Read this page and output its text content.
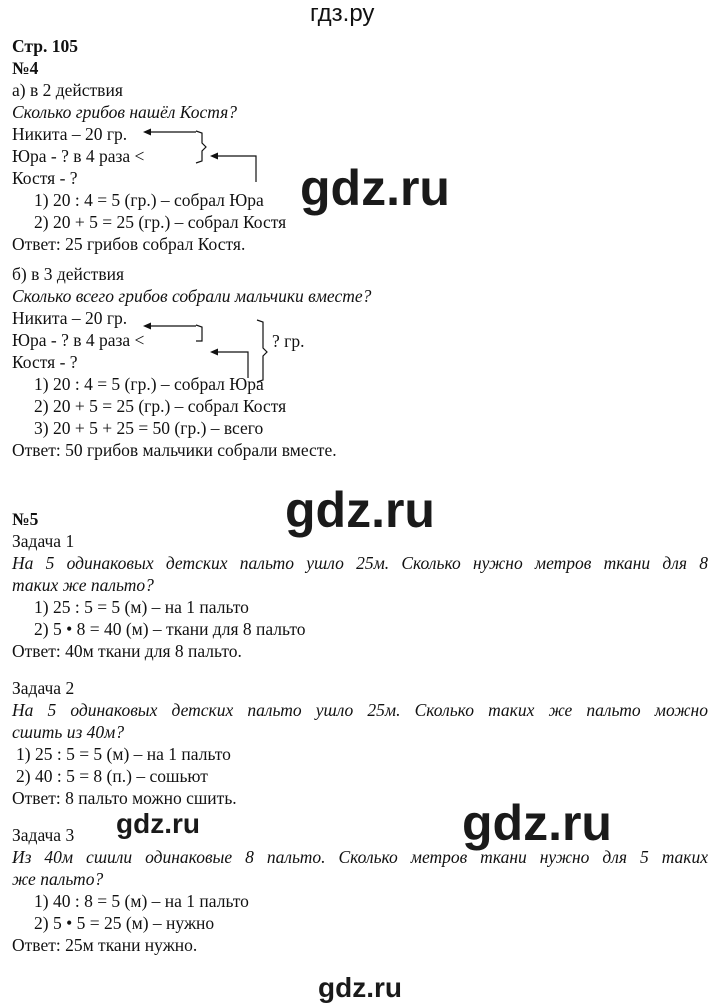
гдз.ру
gdz.ru
gdz.ru
gdz.ru	gdz.ru
gdz.ru
Стр. 105
№4
а) в 2 действия
Сколько грибов нашёл Костя?
Никита – 20 гр.
Юра - ? в 4 раза <
Костя - ?
1) 20 : 4 = 5 (гр.) – собрал Юра
2) 20 + 5 = 25 (гр.) – собрал Костя
Ответ: 25 грибов собрал Костя.
б) в 3 действия
Сколько всего грибов собрали мальчики вместе?
Никита – 20 гр.
Юра - ? в 4 раза <
Костя - ?
? гр.
1) 20 : 4 = 5 (гр.) – собрал Юра
2) 20 + 5 = 25 (гр.) – собрал Костя
3) 20 + 5 + 25 = 50 (гр.) – всего
Ответ: 50 грибов мальчики собрали вместе.
№5
Задача 1
На 5 одинаковых детских пальто ушло 25м. Сколько нужно метров ткани для 8
таких же пальто?
1) 25 : 5 = 5 (м) – на 1 пальто
2) 5 • 8 = 40 (м) – ткани для 8 пальто
Ответ: 40м ткани для 8 пальто.
Задача 2
На 5 одинаковых детских пальто ушло 25м. Сколько таких же пальто можно
сшить из 40м?
1) 25 : 5 = 5 (м) – на 1 пальто
2) 40 : 5 = 8 (п.) – сошьют
Ответ: 8 пальто можно сшить.
Задача 3
Из 40м сшили одинаковые 8 пальто. Сколько метров ткани нужно для 5 таких
же пальто?
1) 40 : 8 = 5 (м) – на 1 пальто
2) 5 • 5 = 25 (м) – нужно
Ответ: 25м ткани нужно.
